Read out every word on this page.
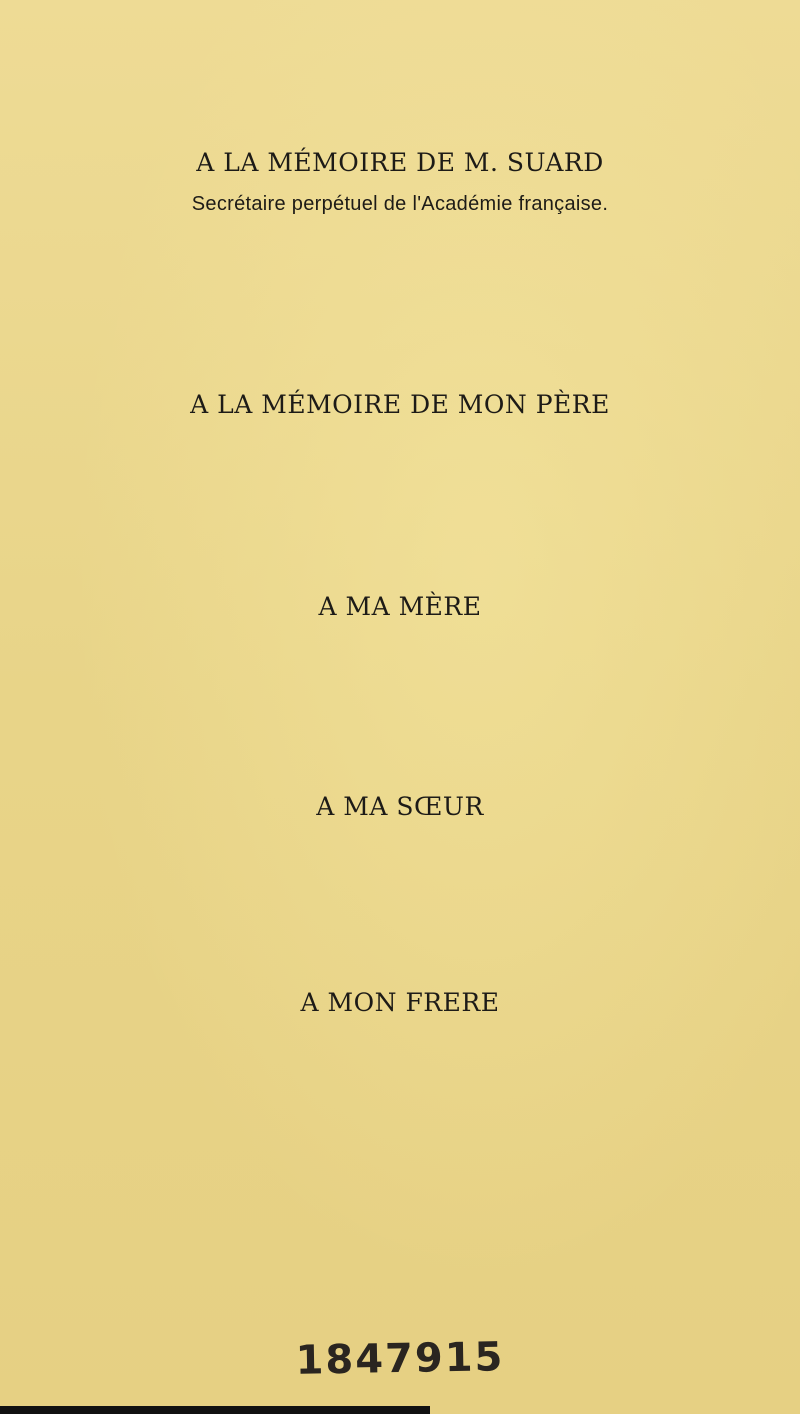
A LA MÉMOIRE DE M. SUARD
Secrétaire perpétuel de l'Académie française.
A LA MÉMOIRE DE MON PÈRE
A MA MÈRE
A MA SŒUR
A MON FRERE
1847915
